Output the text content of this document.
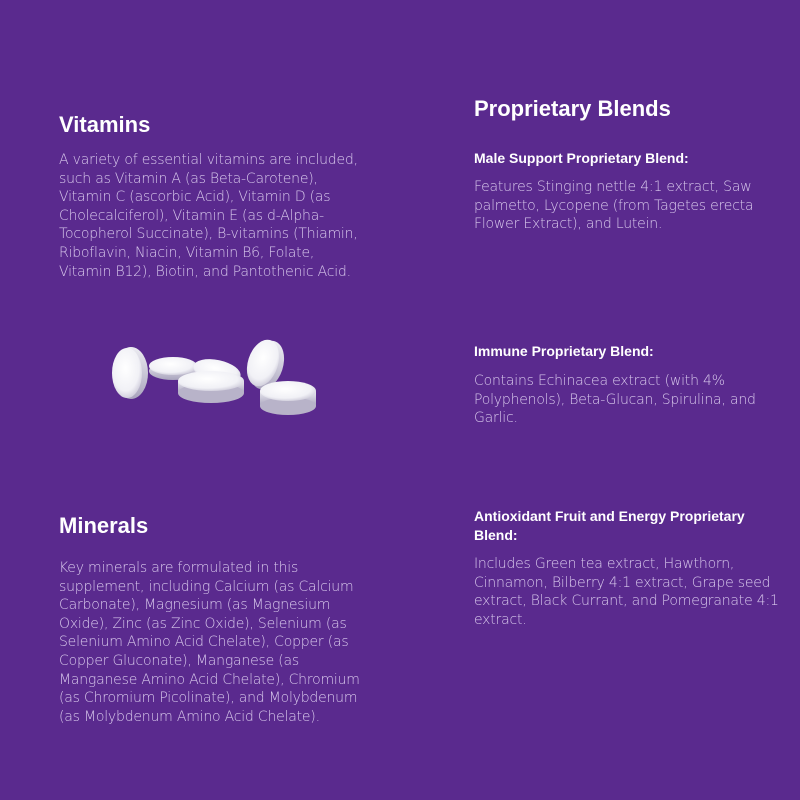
Vitamins

A variety of essential vitamins are included, such as Vitamin A (as Beta-Carotene), Vitamin C (ascorbic Acid), Vitamin D (as Cholecalciferol), Vitamin E (as d-Alpha-Tocopherol Succinate), B-vitamins (Thiamin, Riboflavin, Niacin, Vitamin B6, Folate, Vitamin B12), Biotin, and Pantothenic Acid.

Minerals

Key minerals are formulated in this supplement, including Calcium (as Calcium Carbonate), Magnesium (as Magnesium Oxide), Zinc (as Zinc Oxide), Selenium (as Selenium Amino Acid Chelate), Copper (as Copper Gluconate), Manganese (as Manganese Amino Acid Chelate), Chromium (as Chromium Picolinate), and Molybdenum (as Molybdenum Amino Acid Chelate).

Proprietary Blends
Male Support Proprietary Blend:

Features Stinging nettle 4:1 extract, Saw palmetto, Lycopene (from Tagetes erecta Flower Extract), and Lutein.

Immune Proprietary Blend:

Contains Echinacea extract (with 4% Polyphenols), Beta-Glucan, Spirulina, and Garlic.

Antioxidant Fruit and Energy Proprietary Blend:

Includes Green tea extract, Hawthorn, Cinnamon, Bilberry 4:1 extract, Grape seed extract, Black Currant, and Pomegranate 4:1 extract.
